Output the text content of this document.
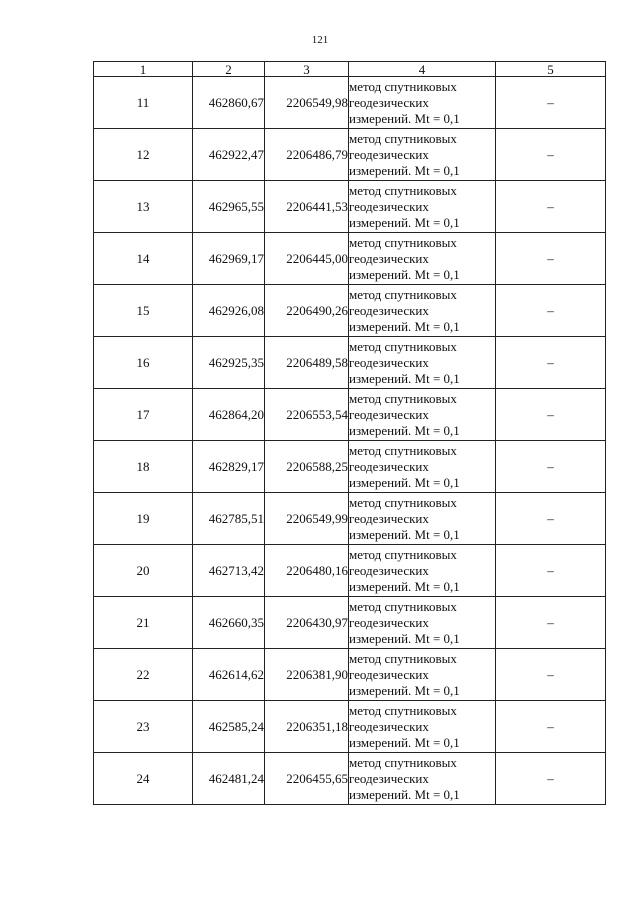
121
1	2	3	4	5
11	462860,67	2206549,98	метод спутниковых
геодезических
измерений. Mt = 0,1	–
12	462922,47	2206486,79	метод спутниковых
геодезических
измерений. Mt = 0,1	–
13	462965,55	2206441,53	метод спутниковых
геодезических
измерений. Mt = 0,1	–
14	462969,17	2206445,00	метод спутниковых
геодезических
измерений. Mt = 0,1	–
15	462926,08	2206490,26	метод спутниковых
геодезических
измерений. Mt = 0,1	–
16	462925,35	2206489,58	метод спутниковых
геодезических
измерений. Mt = 0,1	–
17	462864,20	2206553,54	метод спутниковых
геодезических
измерений. Mt = 0,1	–
18	462829,17	2206588,25	метод спутниковых
геодезических
измерений. Mt = 0,1	–
19	462785,51	2206549,99	метод спутниковых
геодезических
измерений. Mt = 0,1	–
20	462713,42	2206480,16	метод спутниковых
геодезических
измерений. Mt = 0,1	–
21	462660,35	2206430,97	метод спутниковых
геодезических
измерений. Mt = 0,1	–
22	462614,62	2206381,90	метод спутниковых
геодезических
измерений. Mt = 0,1	–
23	462585,24	2206351,18	метод спутниковых
геодезических
измерений. Mt = 0,1	–
24	462481,24	2206455,65	метод спутниковых
геодезических
измерений. Mt = 0,1	–
